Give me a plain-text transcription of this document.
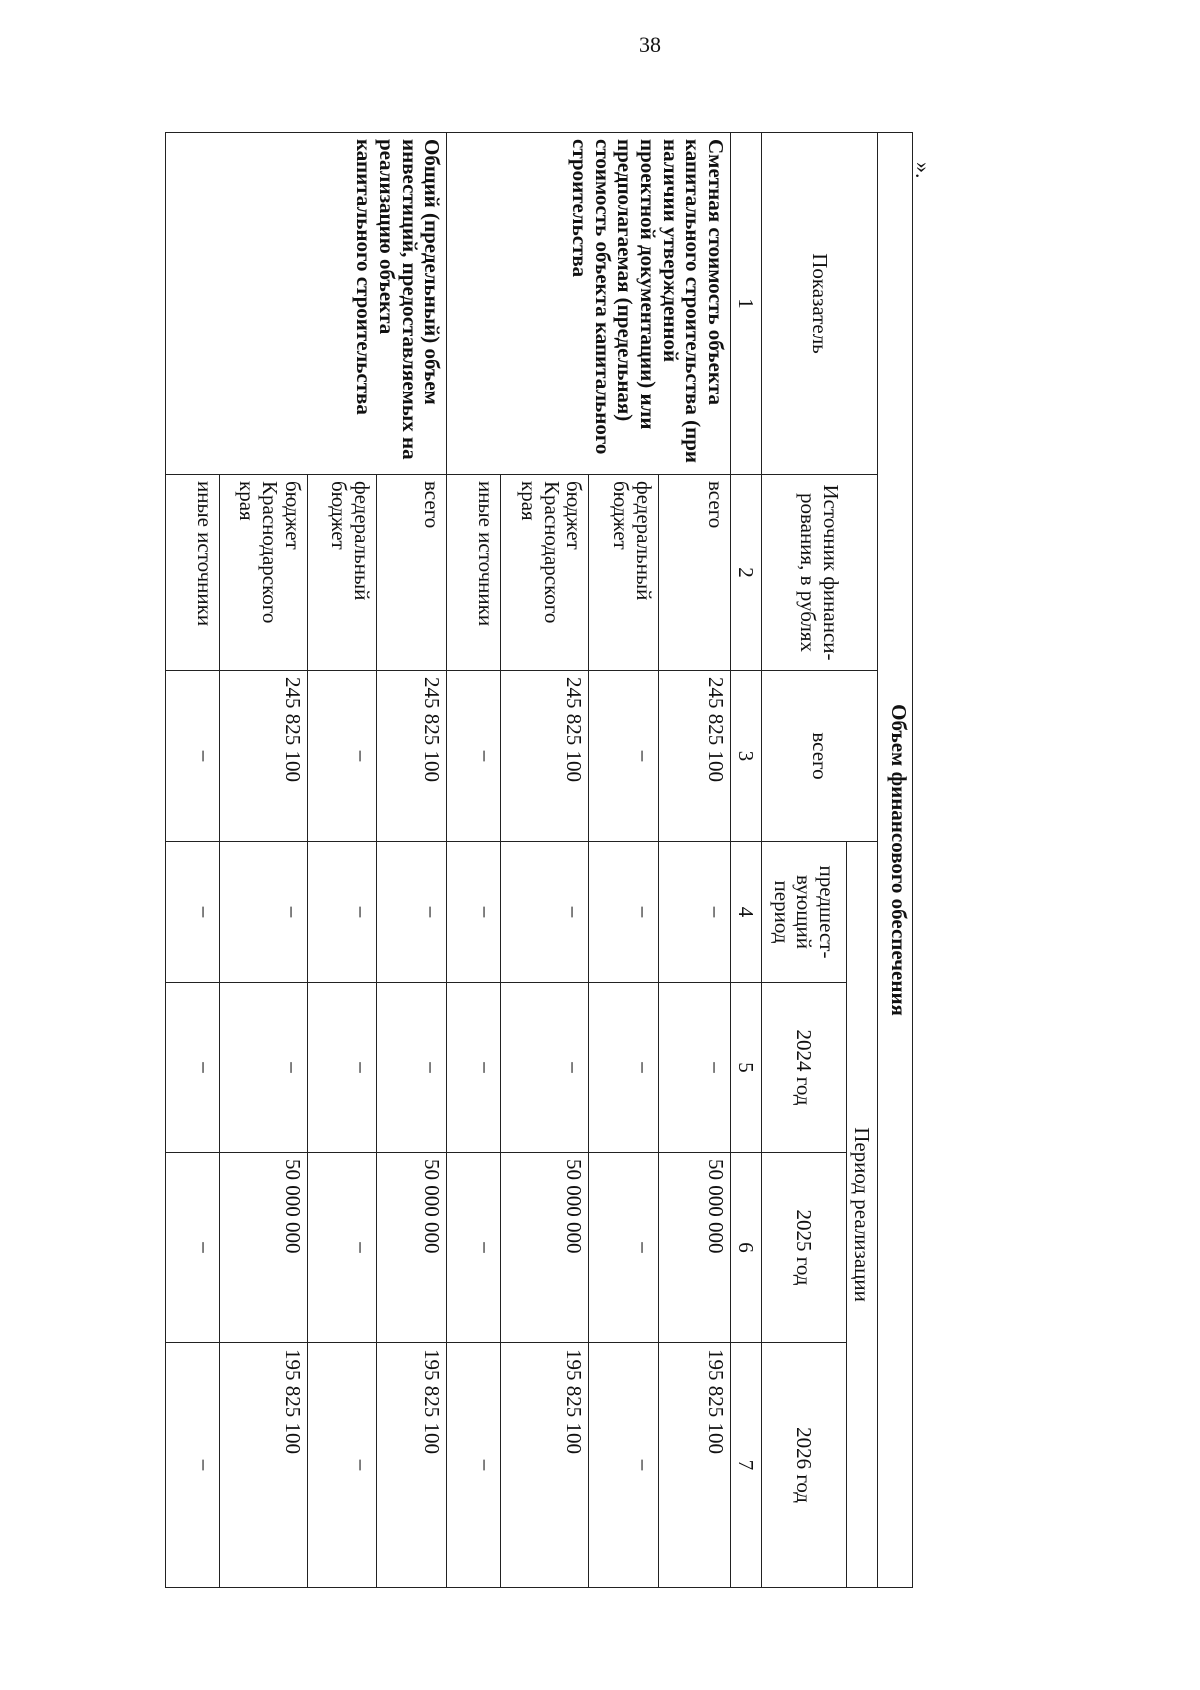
38
Объем финансового обеспечения						
Показатель	Источник финанси-рования, в рублях	всего	Период реализации			
			предшест-вующий период	2024 год	2025 год	2026 год
1	2	3	4	5	6	7
Сметная стоимость объекта капитального строительства (при наличии утвержденной проектной документации) или предполагаемая (предельная) стоимость объекта капитального строительства	всего	245 825 100	–	–	50 000 000	195 825 100
	федеральный бюджет	–	–	–	–	–
	бюджет Краснодарского края	245 825 100	–	–	50 000 000	195 825 100
	иные источники	–	–	–	–	–
Общий (предельный) объем инвестиций, предоставляемых на реализацию объекта капитального строительства	всего	245 825 100	–	–	50 000 000	195 825 100
	федеральный бюджет	–	–	–	–	–
	бюджет Краснодарского края	245 825 100	–	–	50 000 000	195 825 100
	иные источники	–	–	–	–	–
».
